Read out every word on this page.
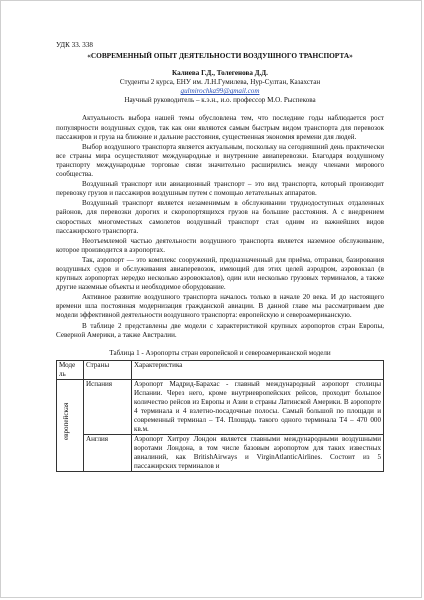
УДК 33. 338
«СОВРЕМЕННЫЙ ОПЫТ ДЕЯТЕЛЬНОСТИ ВОЗДУШНОГО ТРАНСПОРТА»
Калиева Г.Д., Толегенова Д.Д.
Студенты 2 курса, ЕНУ им. Л.Н.Гумилева, Нур-Султан, Казахстан
gulmirochka99@gmail.com
Научный руководитель – к.э.н., и.о. профессор М.О. Рыспекова

Актуальность выбора нашей темы обусловлена тем, что последние годы наблюдается рост популярности воздушных судов, так как они являются самым быстрым видом транспорта для перевозок пассажиров и груза на ближние и дальние расстояния, существенная экономия времени для людей.

Выбор воздушного транспорта является актуальным, поскольку на сегодняшний день практически все страны мира осуществляют международные и внутренние авиаперевозки. Благодаря воздушному транспорту международные торговые связи значительно расширились между членами мирового сообщества.

Воздушный транспорт или авиационный транспорт – это вид транспорта, который производит перевозку грузов и пассажиров воздушным путем с помощью летательных аппаратов.

Воздушный транспорт является незаменимым в обслуживании труднодоступных отдаленных районов, для перевозки дорогих и скоропортящихся грузов на большие расстояния. А с внедрением скоростных многоместных самолетов воздушный транспорт стал одним из важнейших видов пассажирского транспорта.

Неотъемлемой частью деятельности воздушного транспорта является наземное обслуживание, которое производится в аэропортах.

Так, аэропорт — это комплекс сооружений, предназначенный для приёма, отправки, базирования воздушных судов и обслуживания авиаперевозок, имеющий для этих целей аэродром, аэровокзал (в крупных аэропортах нередко несколько аэровокзалов), один или несколько грузовых терминалов, а также другие наземные объекты и необходимое оборудование.

Активное развитие воздушного транспорта началось только в начале 20 века. И до настоящего времени шла постоянная модернизация гражданской авиации. В данной главе мы рассматриваем две модели эффективной деятельности воздушного транспорта: европейскую и североамериканскую.

В таблице 2 представлены две модели с характеристикой крупных аэропортов стран Европы, Северной Америки, а также Австралии.

Таблица 1 - Аэропорты стран европейской и североамериканской модели
Моде ль	Страны	Характеристика

европейская	Испания	Аэропорт Мадрид-Барахас - главный международный аэропорт столицы Испании. Через него, кроме внутриевропейских рейсов, проходит большое количество рейсов из Европы и Азии в страны Латинской Америки. В аэропорте 4 терминала и 4 взлетно-посадочные полосы. Самый большой по площади и современный терминал – Т4. Площадь такого одного терминала Т4 – 470 000 кв.м.
	Англия	Аэропорт Хитроу Лондон является главными международными воздушными воротами Лондона, в том числе базовым аэропортом для таких известных авиалиний, как BritishAirways и VirginAtlanticAirlines. Состоит из 5 пассажирских терминалов и
